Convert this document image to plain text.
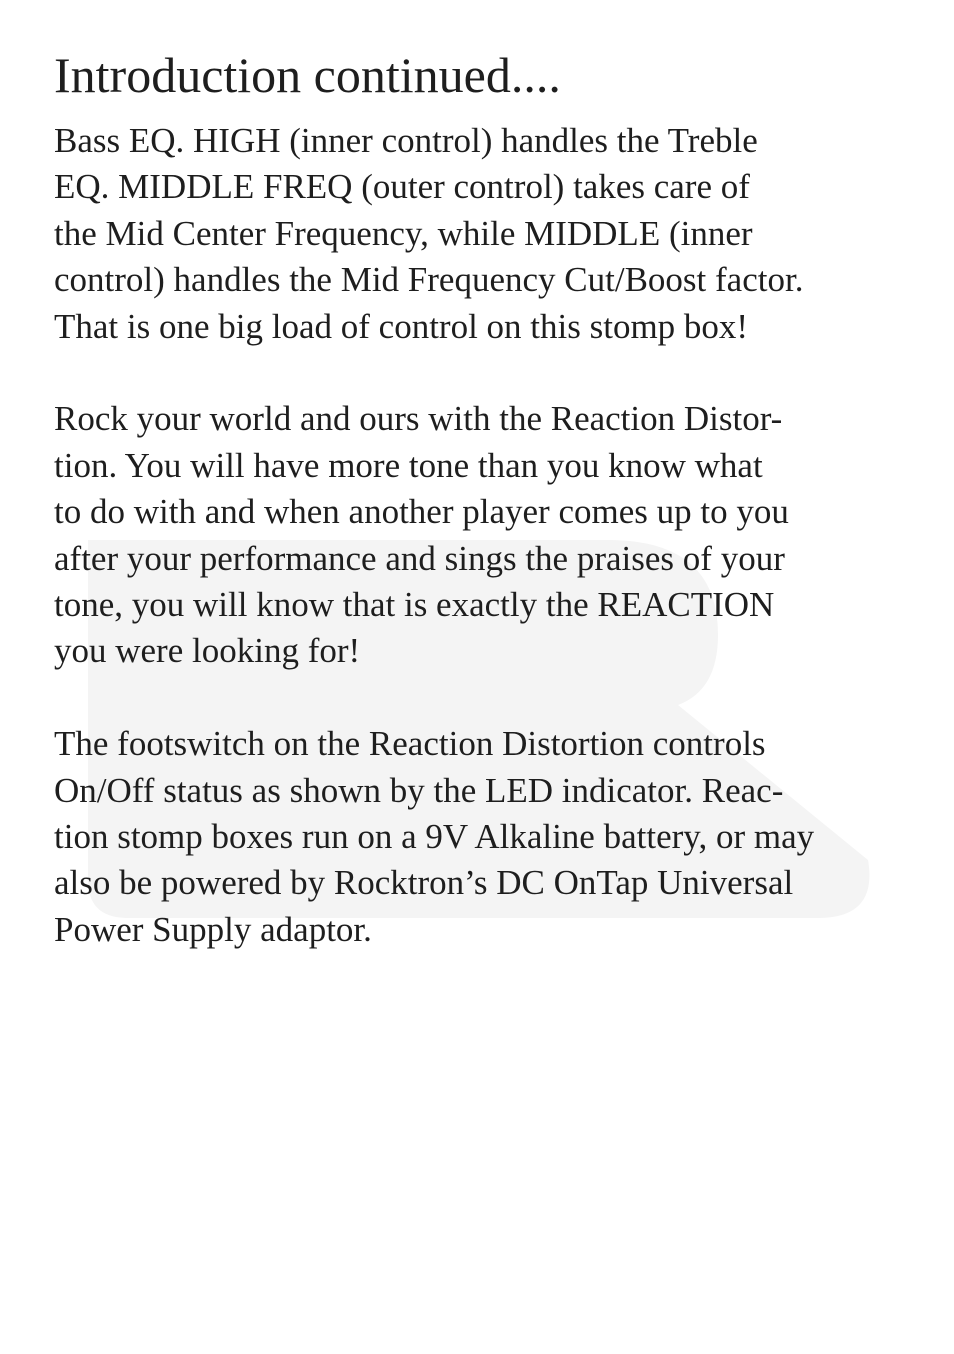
Introduction continued....

Bass EQ. HIGH (inner control) handles the Treble
EQ. MIDDLE FREQ (outer control) takes care of
the Mid Center Frequency, while MIDDLE (inner
control) handles the Mid Frequency Cut/Boost factor.
That is one big load of control on this stomp box!

Rock your world and ours with the Reaction Distor-
tion. You will have more tone than you know what
to do with and when another player comes up to you
after your performance and sings the praises of your
tone, you will know that is exactly the REACTION
you were looking for!

The footswitch on the Reaction Distortion controls
On/Off status as shown by the LED indicator. Reac-
tion stomp boxes run on a 9V Alkaline battery, or may
also be powered by Rocktron’s DC OnTap Universal
Power Supply adaptor.
